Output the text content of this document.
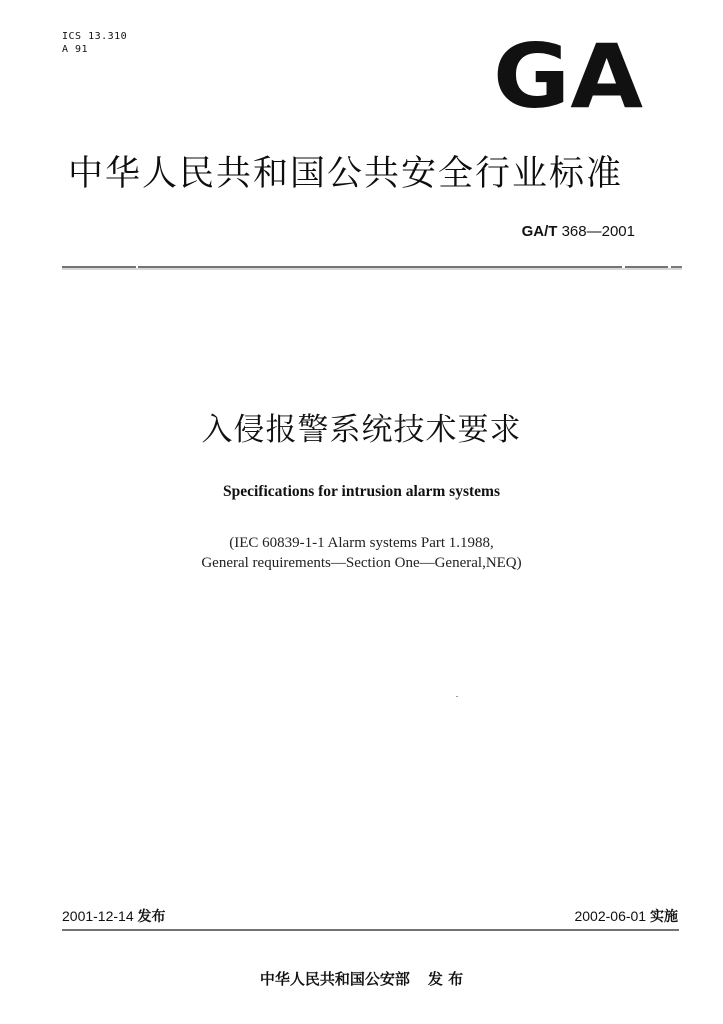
ICS 13.310
A 91	GA
中华人民共和国公共安全行业标准
GA/T 368—2001
入侵报警系统技术要求
Specifications for intrusion alarm systems
(IEC 60839-1-1 Alarm systems Part 1.1988,
General requirements—Section One—General,NEQ)
2001-12-14 发布	2002-06-01 实施
中华人民共和国公安部 发 布
